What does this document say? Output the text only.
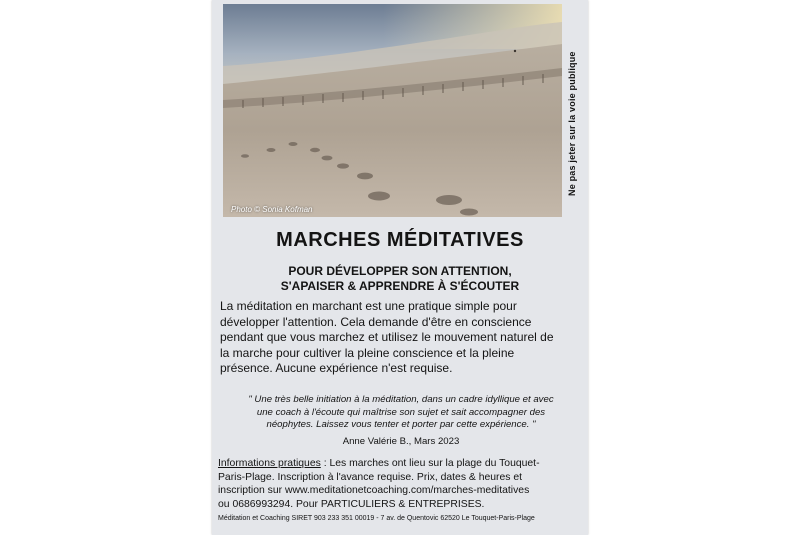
Photo © Sonia Kofman
Ne pas jeter sur la voie publique
MARCHES MÉDITATIVES
POUR DÉVELOPPER SON ATTENTION,
S'APAISER & APPRENDRE À S'ÉCOUTER
La méditation en marchant est une pratique simple pour
développer l'attention. Cela demande d'être en conscience
pendant que vous marchez et utilisez le mouvement naturel de
la marche pour cultiver la pleine conscience et la pleine
présence. Aucune expérience n'est requise.
" Une très belle initiation à la méditation, dans un cadre idyllique et avec
une coach à l'écoute qui maîtrise son sujet et sait accompagner des
néophytes. Laissez vous tenter et porter par cette expérience. "
Anne Valérie B., Mars 2023
Informations pratiques : Les marches ont lieu sur la plage du Touquet-
Paris-Plage. Inscription à l'avance requise. Prix, dates & heures et
inscription sur www.meditationetcoaching.com/marches-meditatives
ou 0686993294. Pour PARTICULIERS & ENTREPRISES.
Méditation et Coaching SIRET 903 233 351 00019 - 7 av. de Quentovic 62520 Le Touquet-Paris-Plage
